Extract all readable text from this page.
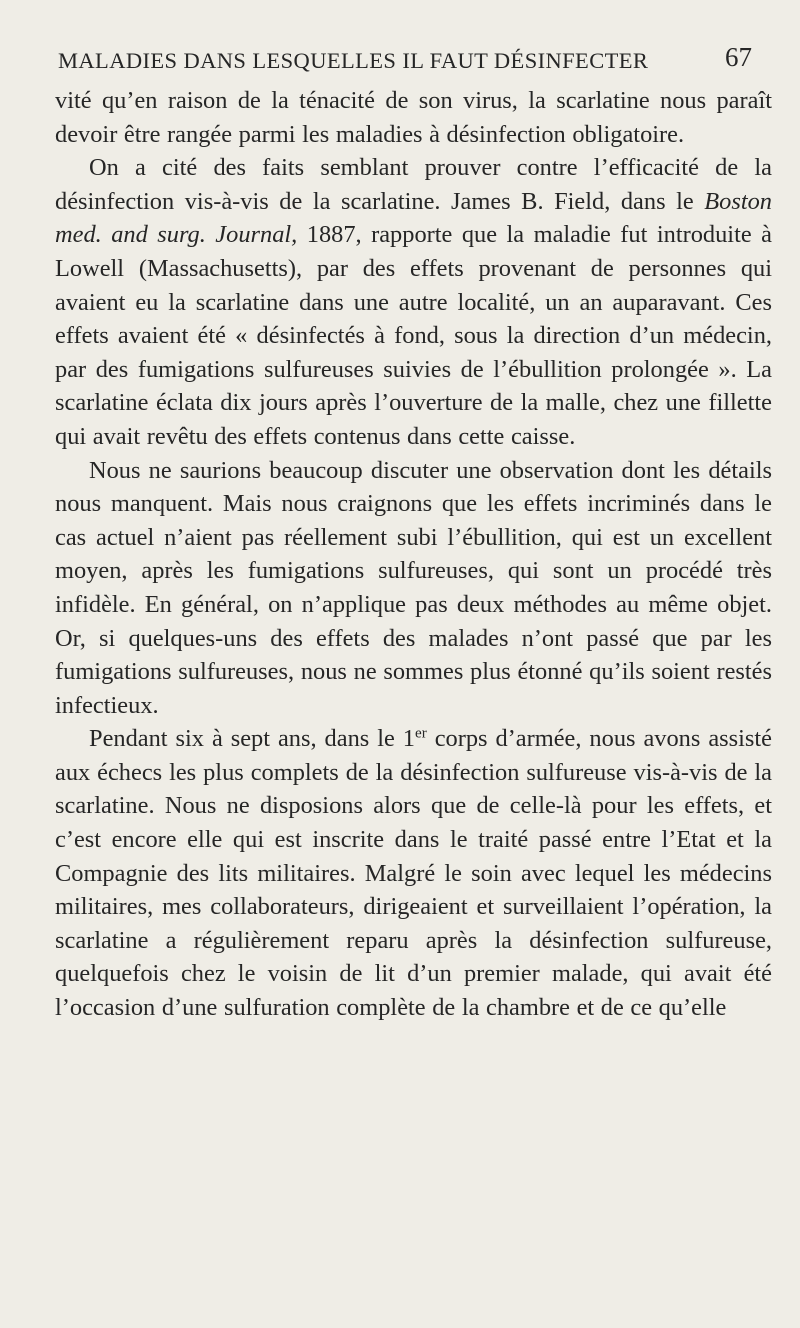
MALADIES DANS LESQUELLES IL FAUT DÉSINFECTER	67

vité qu’en raison de la ténacité de son virus, la scarlatine nous paraît devoir être rangée parmi les maladies à désinfection obligatoire.

On a cité des faits semblant prouver contre l’efficacité de la désinfection vis-à-vis de la scarlatine. James B. Field, dans le Boston med. and surg. Journal, 1887, rapporte que la maladie fut introduite à Lowell (Massachusetts), par des effets provenant de personnes qui avaient eu la scarlatine dans une autre localité, un an auparavant. Ces effets avaient été « désinfectés à fond, sous la direction d’un médecin, par des fumigations sulfureuses suivies de l’ébullition prolongée ». La scarlatine éclata dix jours après l’ouverture de la malle, chez une fillette qui avait revêtu des effets contenus dans cette caisse.

Nous ne saurions beaucoup discuter une observation dont les détails nous manquent. Mais nous craignons que les effets incriminés dans le cas actuel n’aient pas réellement subi l’ébullition, qui est un excellent moyen, après les fumigations sulfureuses, qui sont un procédé très infidèle. En général, on n’applique pas deux méthodes au même objet. Or, si quelques-uns des effets des malades n’ont passé que par les fumigations sulfureuses, nous ne sommes plus étonné qu’ils soient restés infectieux.

Pendant six à sept ans, dans le 1er corps d’armée, nous avons assisté aux échecs les plus complets de la désinfection sulfureuse vis-à-vis de la scarlatine. Nous ne disposions alors que de celle-là pour les effets, et c’est encore elle qui est inscrite dans le traité passé entre l’Etat et la Compagnie des lits militaires. Malgré le soin avec lequel les médecins militaires, mes collaborateurs, dirigeaient et surveillaient l’opération, la scarlatine a régulièrement reparu après la désinfection sulfureuse, quelquefois chez le voisin de lit d’un premier malade, qui avait été l’occasion d’une sulfuration complète de la chambre et de ce qu’elle
